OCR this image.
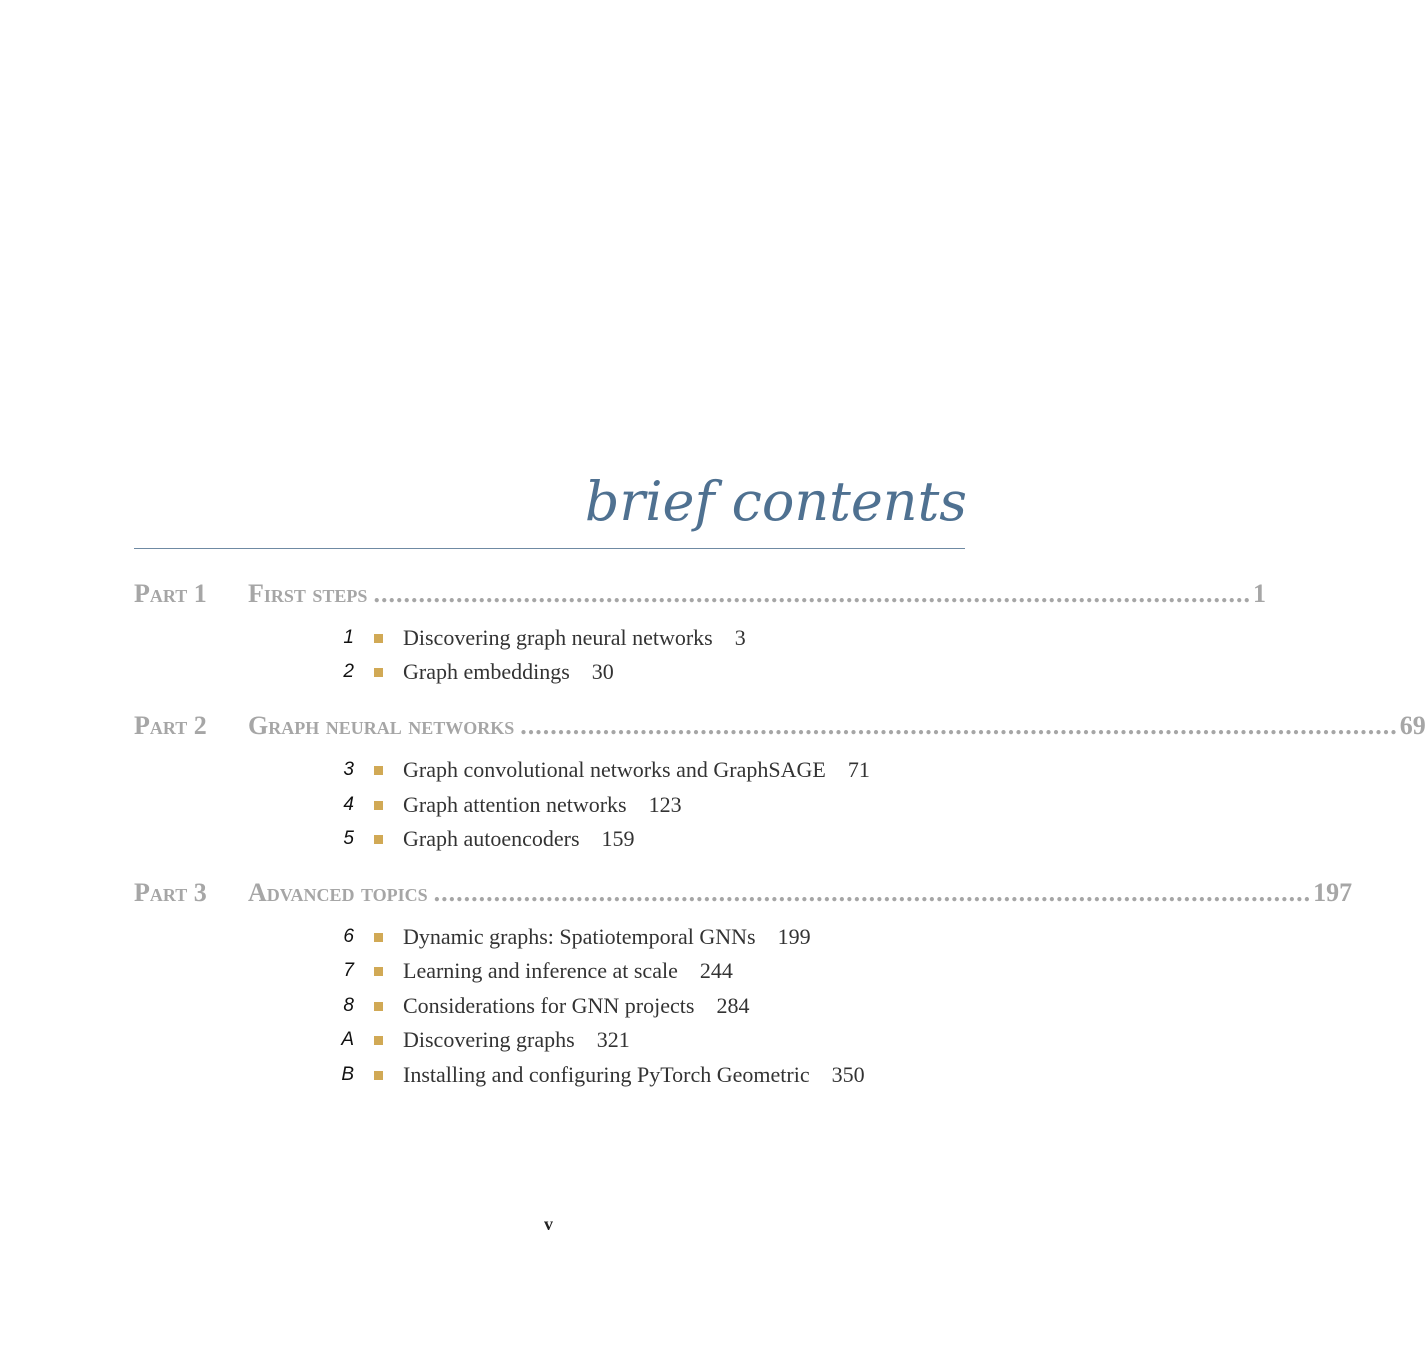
brief contents
Part 1 First steps ..................................................................................................................... 1
1 Discovering graph neural networks 3
2 Graph embeddings 30
Part 2 Graph neural networks ..................................................................................................................... 69
3 Graph convolutional networks and GraphSAGE 71
4 Graph attention networks 123
5 Graph autoencoders 159
Part 3 Advanced topics ..................................................................................................................... 197
6 Dynamic graphs: Spatiotemporal GNNs 199
7 Learning and inference at scale 244
8 Considerations for GNN projects 284
A Discovering graphs 321
B Installing and configuring PyTorch Geometric 350
v
